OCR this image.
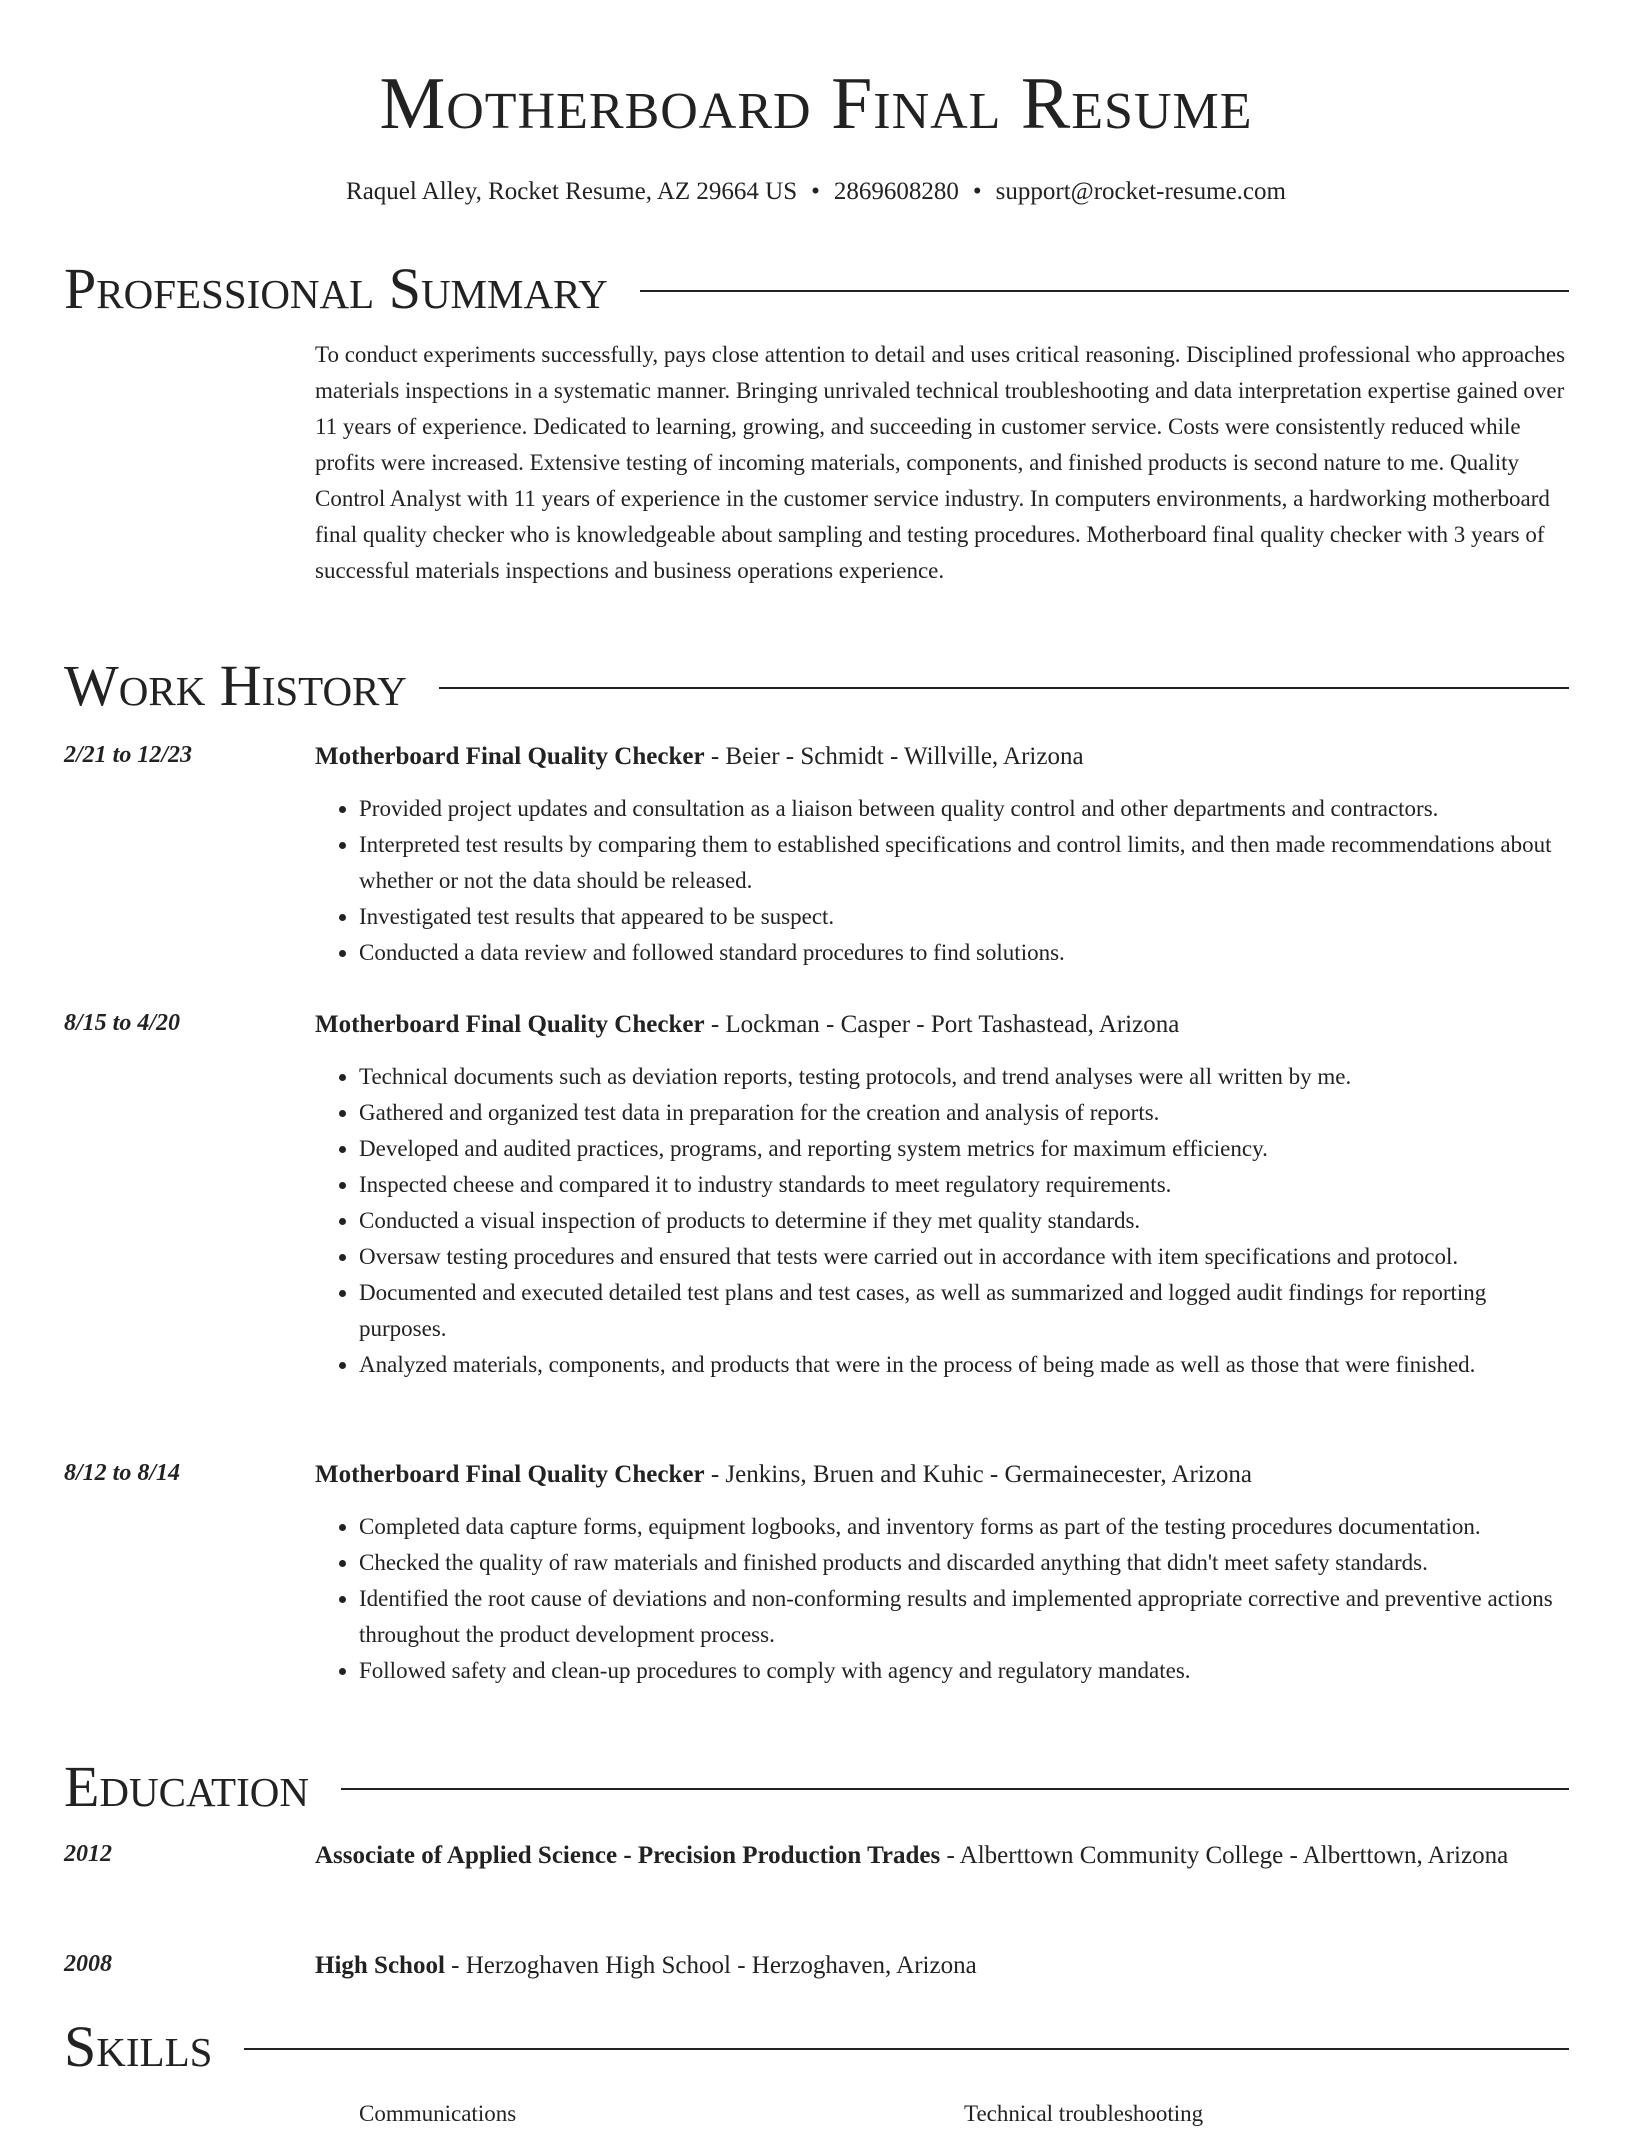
Motherboard Final Resume
Raquel Alley, Rocket Resume, AZ 29664 US • 2869608280 • support@rocket-resume.com
Professional Summary

To conduct experiments successfully, pays close attention to detail and uses critical reasoning. Disciplined professional who approaches materials inspections in a systematic manner. Bringing unrivaled technical troubleshooting and data interpretation expertise gained over 11 years of experience. Dedicated to learning, growing, and succeeding in customer service. Costs were consistently reduced while profits were increased. Extensive testing of incoming materials, components, and finished products is second nature to me. Quality Control Analyst with 11 years of experience in the customer service industry. In computers environments, a hardworking motherboard final quality checker who is knowledgeable about sampling and testing procedures. Motherboard final quality checker with 3 years of successful materials inspections and business operations experience.

Work History
2/21 to 12/23	Motherboard Final Quality Checker - Beier - Schmidt - Willville, Arizona
• Provided project updates and consultation as a liaison between quality control and other departments and contractors.
• Interpreted test results by comparing them to established specifications and control limits, and then made recommendations about whether or not the data should be released.
• Investigated test results that appeared to be suspect.
• Conducted a data review and followed standard procedures to find solutions.
8/15 to 4/20	Motherboard Final Quality Checker - Lockman - Casper - Port Tashastead, Arizona
• Technical documents such as deviation reports, testing protocols, and trend analyses were all written by me.
• Gathered and organized test data in preparation for the creation and analysis of reports.
• Developed and audited practices, programs, and reporting system metrics for maximum efficiency.
• Inspected cheese and compared it to industry standards to meet regulatory requirements.
• Conducted a visual inspection of products to determine if they met quality standards.
• Oversaw testing procedures and ensured that tests were carried out in accordance with item specifications and protocol.
• Documented and executed detailed test plans and test cases, as well as summarized and logged audit findings for reporting purposes.
• Analyzed materials, components, and products that were in the process of being made as well as those that were finished.
8/12 to 8/14	Motherboard Final Quality Checker - Jenkins, Bruen and Kuhic - Germainecester, Arizona
• Completed data capture forms, equipment logbooks, and inventory forms as part of the testing procedures documentation.
• Checked the quality of raw materials and finished products and discarded anything that didn't meet safety standards.
• Identified the root cause of deviations and non-conforming results and implemented appropriate corrective and preventive actions throughout the product development process.
• Followed safety and clean-up procedures to comply with agency and regulatory mandates.
Education
2012	Associate of Applied Science - Precision Production Trades - Alberttown Community College - Alberttown, Arizona
2008	High School - Herzoghaven High School - Herzoghaven, Arizona
Skills
Communications	Technical troubleshooting
